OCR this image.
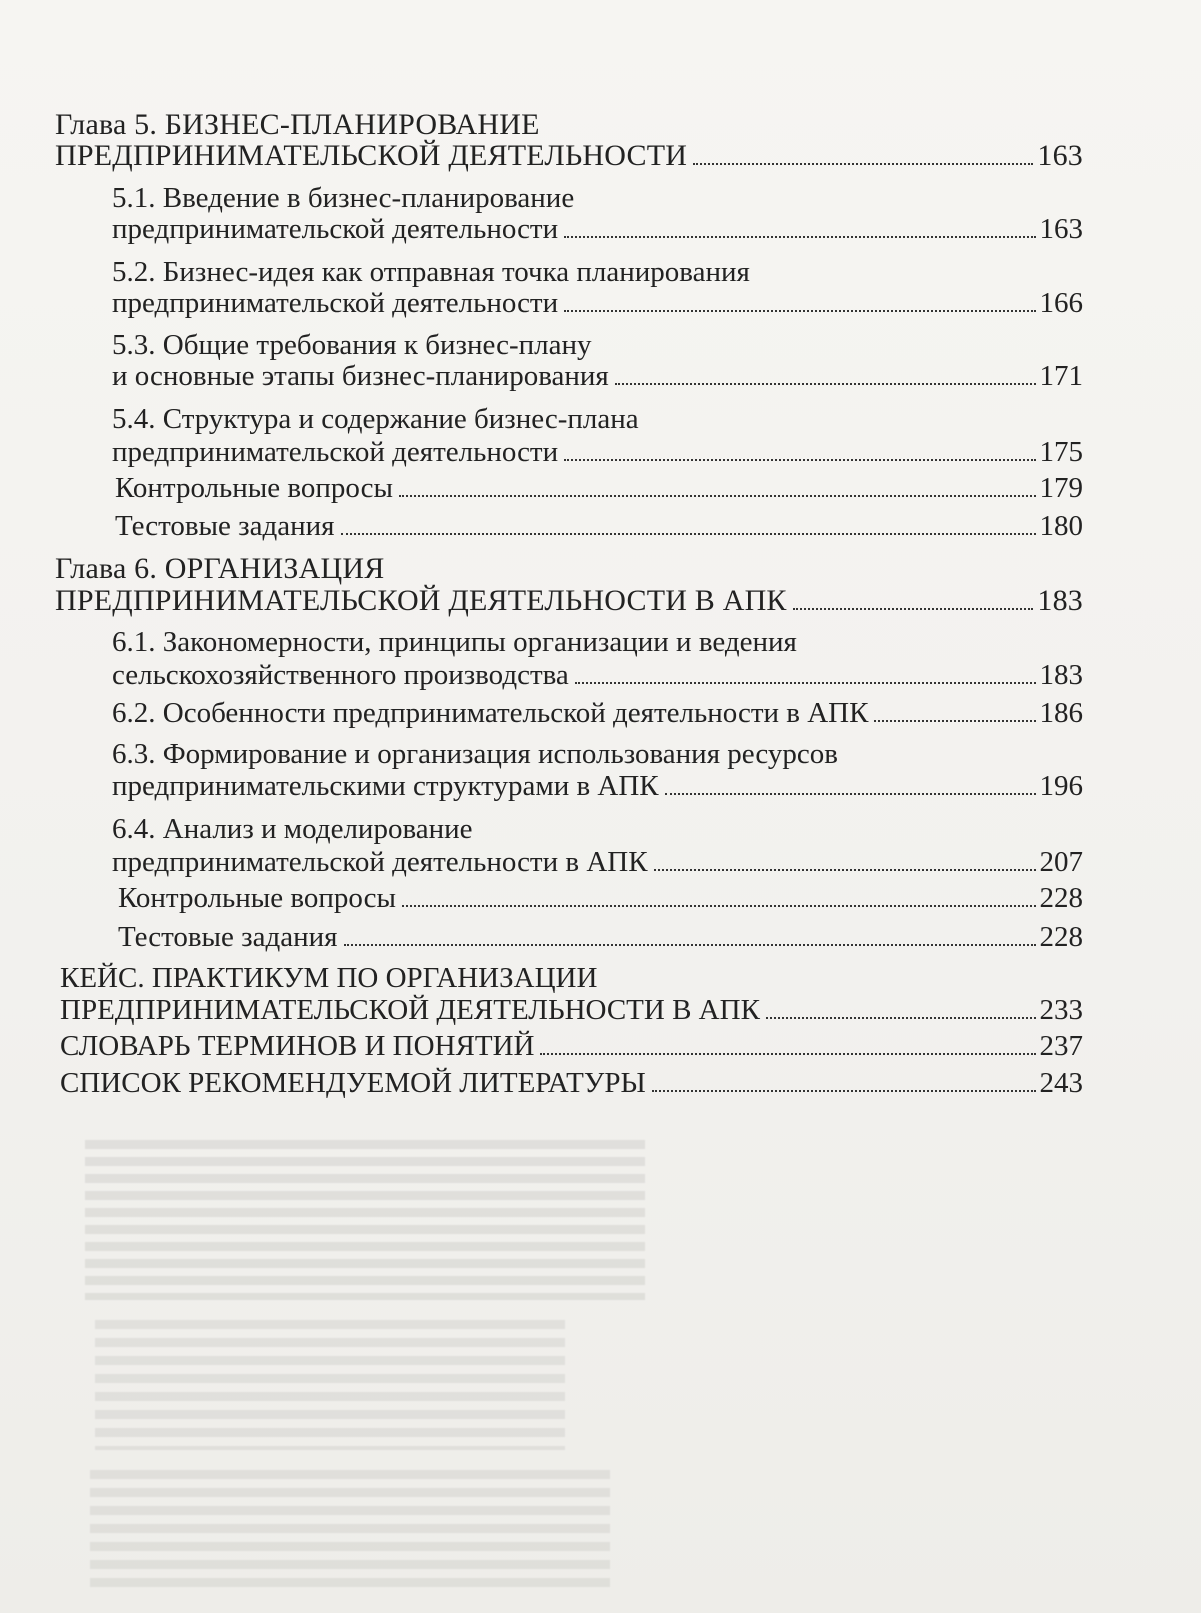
Глава 5. БИЗНЕС-ПЛАНИРОВАНИЕ
ПРЕДПРИНИМАТЕЛЬСКОЙ ДЕЯТЕЛЬНОСТИ	163
5.1. Введение в бизнес-планирование
предпринимательской деятельности	163
5.2. Бизнес-идея как отправная точка планирования
предпринимательской деятельности	166
5.3. Общие требования к бизнес-плану
и основные этапы бизнес-планирования	171
5.4. Структура и содержание бизнес-плана
предпринимательской деятельности	175
Контрольные вопросы	179
Тестовые задания	180
Глава 6. ОРГАНИЗАЦИЯ
ПРЕДПРИНИМАТЕЛЬСКОЙ ДЕЯТЕЛЬНОСТИ В АПК	183
6.1. Закономерности, принципы организации и ведения
сельскохозяйственного производства	183
6.2. Особенности предпринимательской деятельности в АПК	186
6.3. Формирование и организация использования ресурсов
предпринимательскими структурами в АПК	196
6.4. Анализ и моделирование
предпринимательской деятельности в АПК	207
Контрольные вопросы	228
Тестовые задания	228
КЕЙС. ПРАКТИКУМ ПО ОРГАНИЗАЦИИ
ПРЕДПРИНИМАТЕЛЬСКОЙ ДЕЯТЕЛЬНОСТИ В АПК	233
СЛОВАРЬ ТЕРМИНОВ И ПОНЯТИЙ	237
СПИСОК РЕКОМЕНДУЕМОЙ ЛИТЕРАТУРЫ	243
